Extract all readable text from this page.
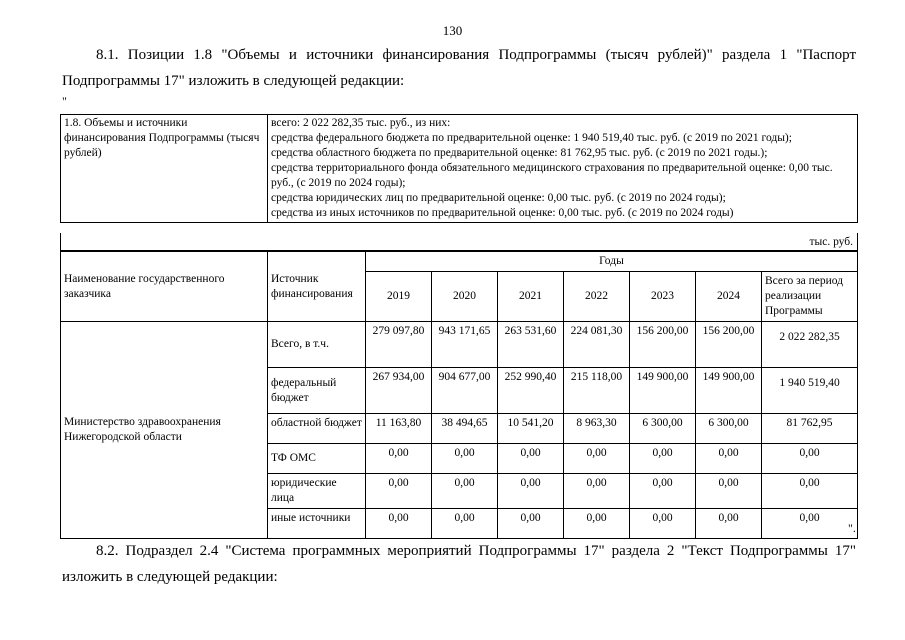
130
8.1. Позиции 1.8 "Объемы и источники финансирования Подпрограммы (тысяч рублей)" раздела 1 "Паспорт Подпрограммы 17" изложить в следующей редакции:
"
1.8. Объемы и источники финансирования Подпрограммы (тысяч рублей)	
всего: 2 022 282,35 тыс. руб., из них:
средства федерального бюджета по предварительной оценке: 1 940 519,40 тыс. руб. (с 2019 по 2021 годы);
средства областного бюджета по предварительной оценке: 81 762,95 тыс. руб. (с 2019 по 2021 годы.);
средства территориального фонда обязательного медицинского страхования по предварительной оценке: 0,00 тыс. руб., (с 2019 по 2024 годы);
средства юридических лиц по предварительной оценке: 0,00 тыс. руб. (с 2019 по 2024 годы);
средства из иных источников по предварительной оценке: 0,00 тыс. руб. (с 2019 по 2024 годы)
тыс. руб.
Наименование государственного заказчика	Источник финансирования	Годы						
		2019	2020	2021	2022	2023	2024	Всего за период реализации Программы
Министерство здравоохранения Нижегородской области	Всего, в т.ч.	279 097,80	943 171,65	263 531,60	224 081,30	156 200,00	156 200,00	2 022 282,35
	федеральный бюджет	267 934,00	904 677,00	252 990,40	215 118,00	149 900,00	149 900,00	1 940 519,40
	областной бюджет	11 163,80	38 494,65	10 541,20	8 963,30	6 300,00	6 300,00	81 762,95
	ТФ ОМС	0,00	0,00	0,00	0,00	0,00	0,00	0,00
	юридические лица	0,00	0,00	0,00	0,00	0,00	0,00	0,00
	иные источники	0,00	0,00	0,00	0,00	0,00	0,00	0,00
".
8.2. Подраздел 2.4 "Система программных мероприятий Подпрограммы 17" раздела 2 "Текст Подпрограммы 17" изложить в следующей редакции:
